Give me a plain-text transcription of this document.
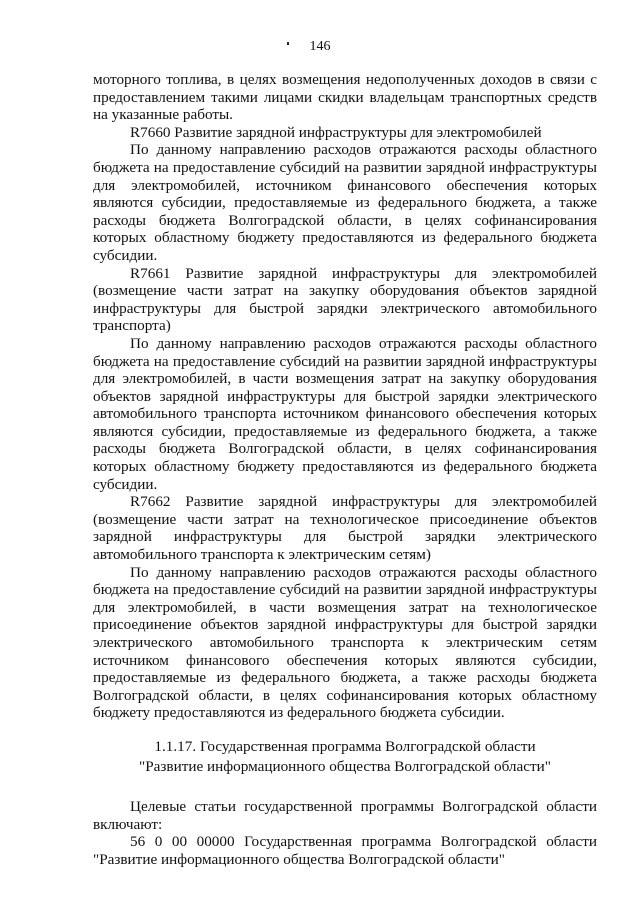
146

моторного топлива, в целях возмещения недополученных доходов в связи с предоставлением такими лицами скидки владельцам транспортных средств на указанные работы.

R7660 Развитие зарядной инфраструктуры для электромобилей

По данному направлению расходов отражаются расходы областного бюджета на предоставление субсидий на развитии зарядной инфраструктуры для электромобилей, источником финансового обеспечения которых являются субсидии, предоставляемые из федерального бюджета, а также расходы бюджета Волгоградской области, в целях софинансирования которых областному бюджету предоставляются из федерального бюджета субсидии.

R7661 Развитие зарядной инфраструктуры для электромобилей (возмещение части затрат на закупку оборудования объектов зарядной инфраструктуры для быстрой зарядки электрического автомобильного транспорта)

По данному направлению расходов отражаются расходы областного бюджета на предоставление субсидий на развитии зарядной инфраструктуры для электромобилей, в части возмещения затрат на закупку оборудования объектов зарядной инфраструктуры для быстрой зарядки электрического автомобильного транспорта источником финансового обеспечения которых являются субсидии, предоставляемые из федерального бюджета, а также расходы бюджета Волгоградской области, в целях софинансирования которых областному бюджету предоставляются из федерального бюджета субсидии.

R7662 Развитие зарядной инфраструктуры для электромобилей (возмещение части затрат на технологическое присоединение объектов зарядной инфраструктуры для быстрой зарядки электрического автомобильного транспорта к электрическим сетям)

По данному направлению расходов отражаются расходы областного бюджета на предоставление субсидий на развитии зарядной инфраструктуры для электромобилей, в части возмещения затрат на технологическое присоединение объектов зарядной инфраструктуры для быстрой зарядки электрического автомобильного транспорта к электрическим сетям источником финансового обеспечения которых являются субсидии, предоставляемые из федерального бюджета, а также расходы бюджета Волгоградской области, в целях софинансирования которых областному бюджету предоставляются из федерального бюджета субсидии.

1.1.17. Государственная программа Волгоградской области
"Развитие информационного общества Волгоградской области"

Целевые статьи государственной программы Волгоградской области включают:

56 0 00 00000 Государственная программа Волгоградской области "Развитие информационного общества Волгоградской области"
